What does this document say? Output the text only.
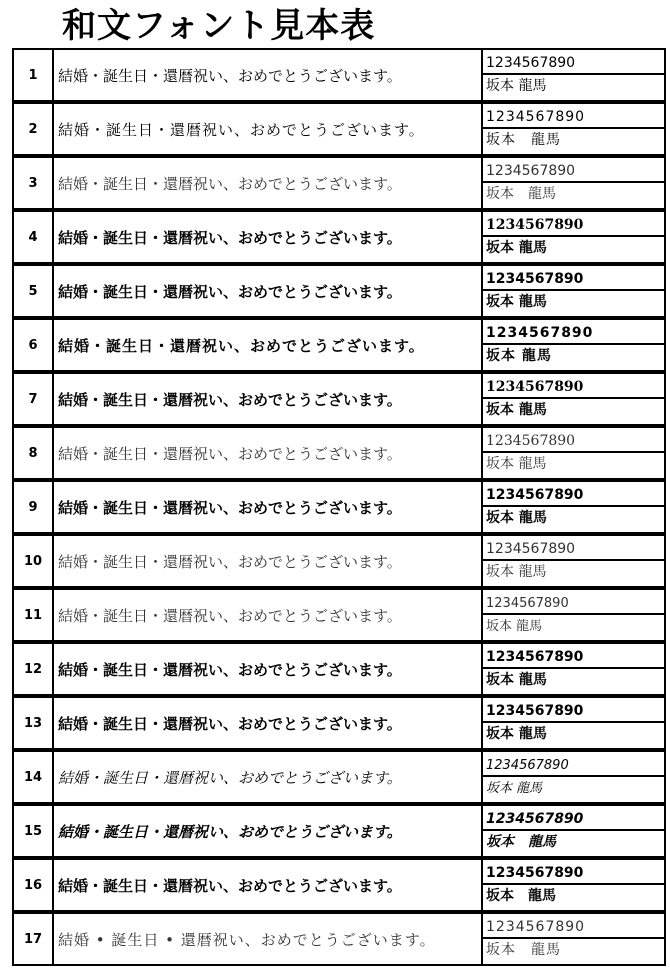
和文フォント見本表
1	結婚・誕生日・還暦祝い、おめでとうございます。	1234567890
坂本 龍馬

2	結婚・誕生日・還暦祝い、おめでとうございます。	1234567890
坂本　龍馬

3	結婚・誕生日・還暦祝い、おめでとうございます。	1234567890
坂本　龍馬

4	結婚・誕生日・還暦祝い、おめでとうございます。	1234567890
坂本 龍馬

5	結婚・誕生日・還暦祝い、おめでとうございます。	1234567890
坂本 龍馬

6	結婚・誕生日・還暦祝い、おめでとうございます。	1234567890
坂本 龍馬

7	結婚・誕生日・還暦祝い、おめでとうございます。	1234567890
坂本 龍馬

8	結婚・誕生日・還暦祝い、おめでとうございます。	1234567890
坂本 龍馬

9	結婚・誕生日・還暦祝い、おめでとうございます。	1234567890
坂本 龍馬

10	結婚・誕生日・還暦祝い、おめでとうございます。	1234567890
坂本 龍馬

11	結婚・誕生日・還暦祝い、おめでとうございます。	1234567890
坂本 龍馬

12	結婚・誕生日・還暦祝い、おめでとうございます。	1234567890
坂本 龍馬

13	結婚・誕生日・還暦祝い、おめでとうございます。	1234567890
坂本 龍馬

14	結婚・誕生日・還暦祝い、おめでとうございます。	1234567890
坂本 龍馬

15	結婚・誕生日・還暦祝い、おめでとうございます。	1234567890
坂本　龍馬

16	結婚・誕生日・還暦祝い、おめでとうございます。	1234567890
坂本　龍馬

17	結婚 • 誕生日 • 還暦祝い、おめでとうございます。	1234567890
坂本　龍馬
